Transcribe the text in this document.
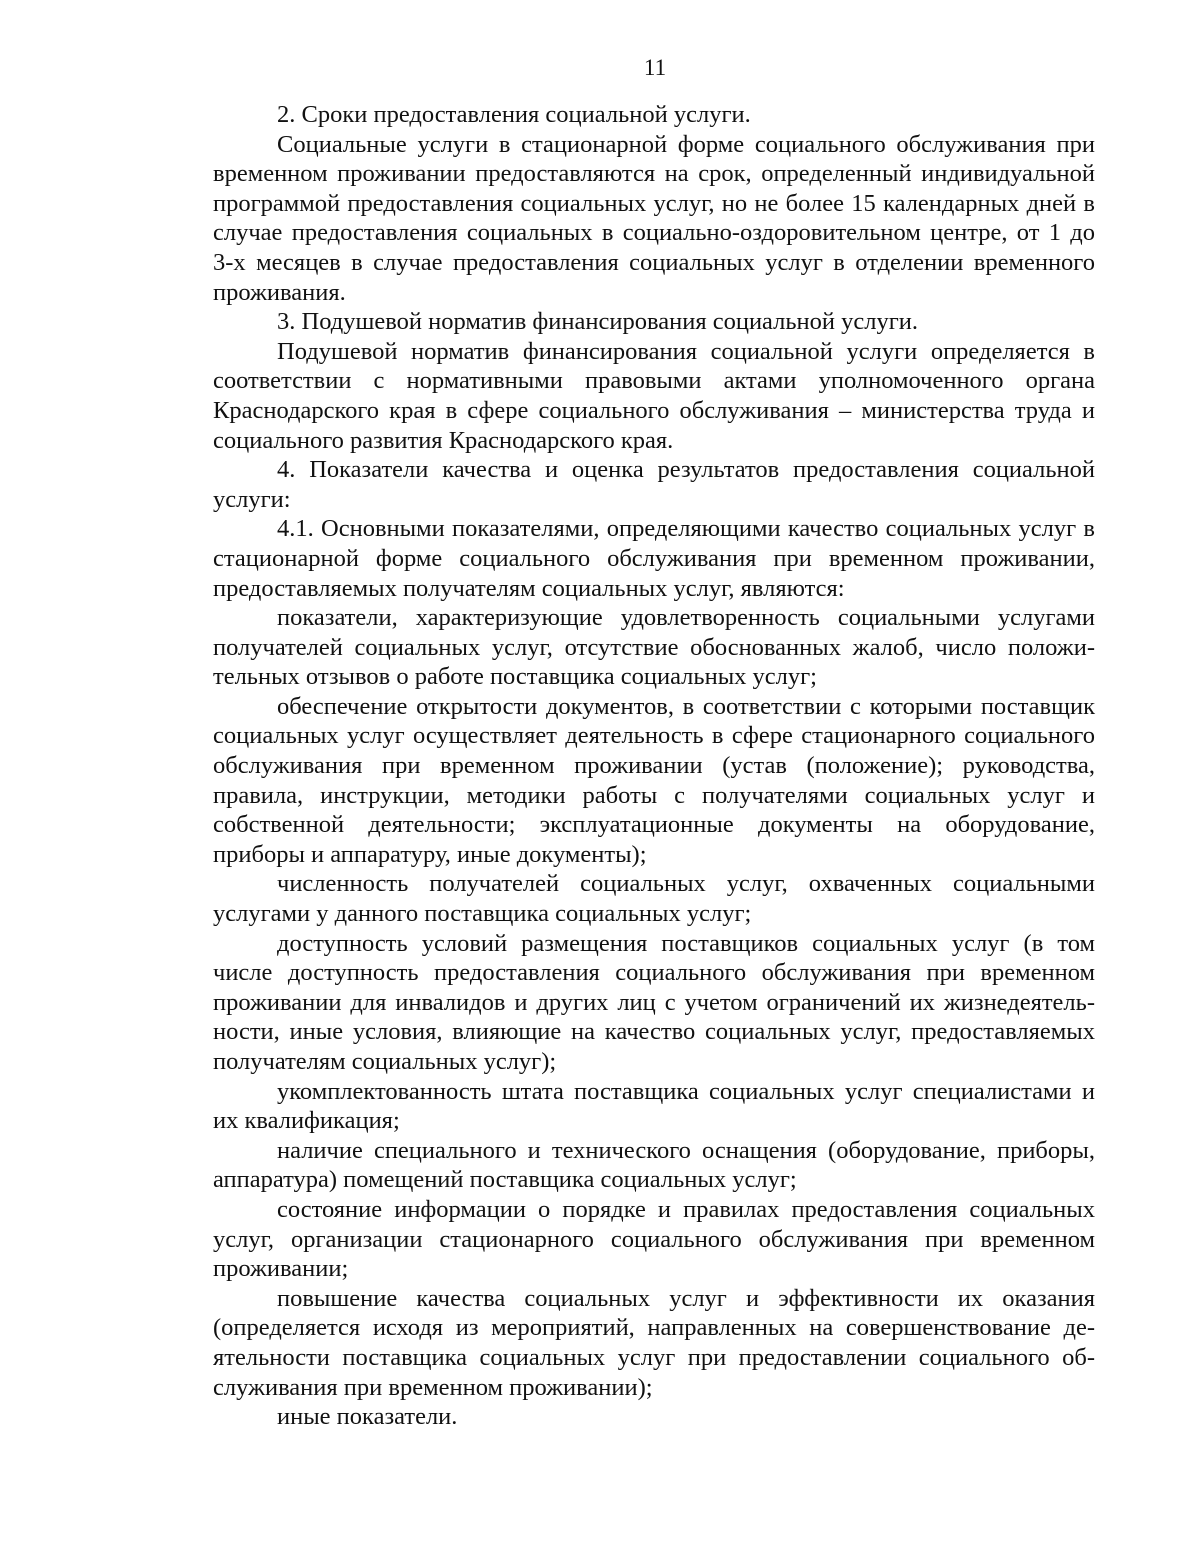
11

2. Сроки предоставления социальной услуги.

Социальные услуги в стационарной форме социального обслуживания при временном проживании предоставляются на срок, определенный индивидуальной программой предоставления социальных услуг, но не более 15 календарных дней в случае предоставления социальных в социально-оздоровительном центре, от 1 до 3-х месяцев в случае предоставления социальных услуг в отделении временного проживания.

3. Подушевой норматив финансирования социальной услуги.

Подушевой норматив финансирования социальной услуги определяется в соответствии с нормативными правовыми актами уполномоченного органа Краснодарского края в сфере социального обслуживания – министерства труда и социального развития Краснодарского края.

4. Показатели качества и оценка результатов предоставления социальной услуги:

4.1. Основными показателями, определяющими качество социальных услуг в стационарной форме социального обслуживания при временном проживании, предоставляемых получателям социальных услуг, являются:

показатели, характеризующие удовлетворенность социальными услугами получателей социальных услуг, отсутствие обоснованных жалоб, число положительных отзывов о работе поставщика социальных услуг;

обеспечение открытости документов, в соответствии с которыми поставщик социальных услуг осуществляет деятельность в сфере стационарного социального обслуживания при временном проживании (устав (положение); руководства, правила, инструкции, методики работы с получателями социальных услуг и собственной деятельности; эксплуатационные документы на оборудование, приборы и аппаратуру, иные документы);

численность получателей социальных услуг, охваченных социальными услугами у данного поставщика социальных услуг;

доступность условий размещения поставщиков социальных услуг (в том числе доступность предоставления социального обслуживания при временном проживании для инвалидов и других лиц с учетом ограничений их жизнедеятельности, иные условия, влияющие на качество социальных услуг, предоставляемых получателям социальных услуг);

укомплектованность штата поставщика социальных услуг специалистами и их квалификация;

наличие специального и технического оснащения (оборудование, приборы, аппаратура) помещений поставщика социальных услуг;

состояние информации о порядке и правилах предоставления социальных услуг, организации стационарного социального обслуживания при временном проживании;

повышение качества социальных услуг и эффективности их оказания (определяется исходя из мероприятий, направленных на совершенствование деятельности поставщика социальных услуг при предоставлении социального обслуживания при временном проживании);

иные показатели.
